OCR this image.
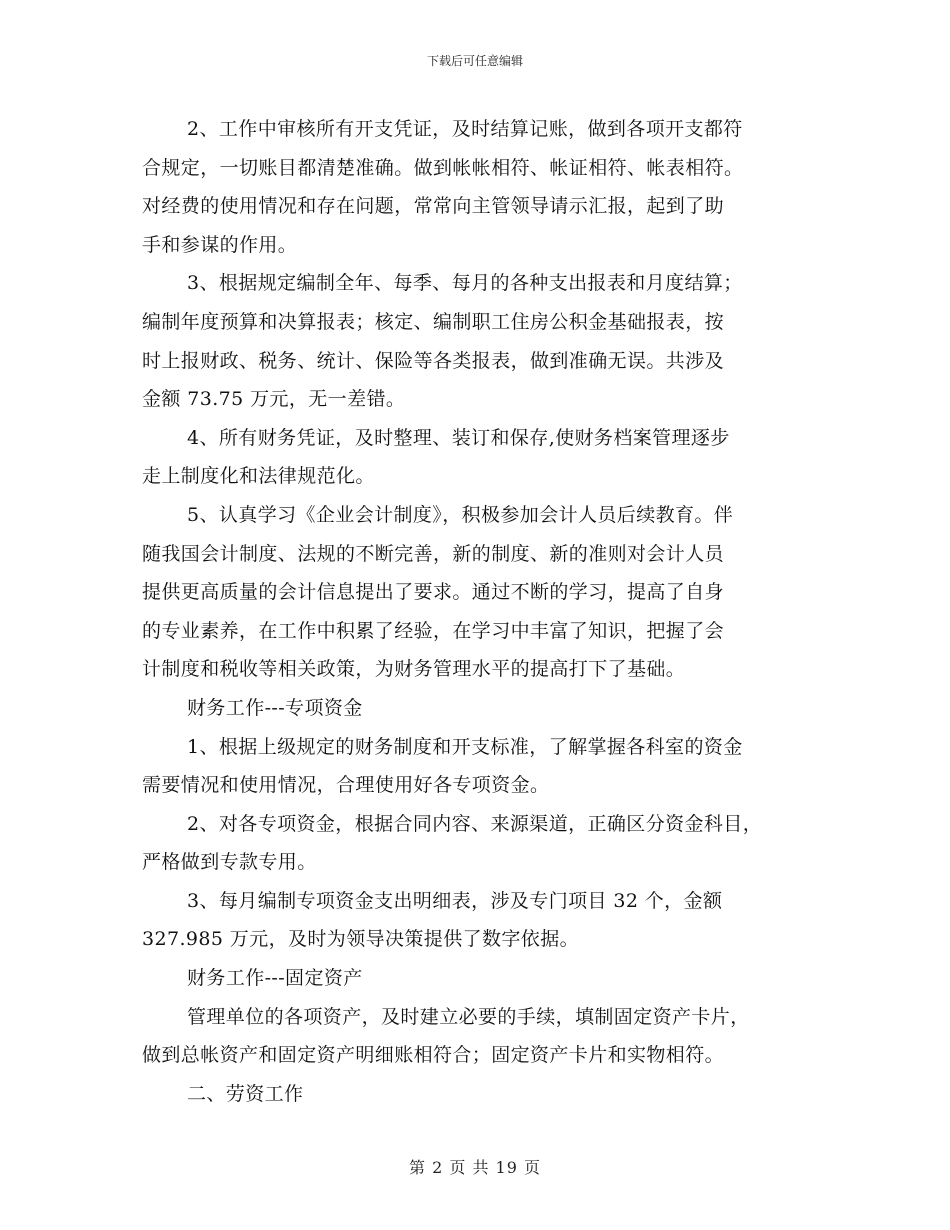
下载后可任意编辑
2、工作中审核所有开支凭证，及时结算记账，做到各项开支都符
合规定，一切账目都清楚准确。做到帐帐相符、帐证相符、帐表相符。
对经费的使用情况和存在问题，常常向主管领导请示汇报，起到了助
手和参谋的作用。
3、根据规定编制全年、每季、每月的各种支出报表和月度结算；
编制年度预算和决算报表；核定、编制职工住房公积金基础报表，按
时上报财政、税务、统计、保险等各类报表，做到准确无误。共涉及
金额 73.75 万元，无一差错。
4、所有财务凭证，及时整理、装订和保存,使财务档案管理逐步
走上制度化和法律规范化。
5、认真学习《企业会计制度》，积极参加会计人员后续教育。伴
随我国会计制度、法规的不断完善，新的制度、新的准则对会计人员
提供更高质量的会计信息提出了要求。通过不断的学习，提高了自身
的专业素养，在工作中积累了经验，在学习中丰富了知识，把握了会
计制度和税收等相关政策，为财务管理水平的提高打下了基础。
财务工作---专项资金
1、根据上级规定的财务制度和开支标准，了解掌握各科室的资金
需要情况和使用情况，合理使用好各专项资金。
2、对各专项资金，根据合同内容、来源渠道，正确区分资金科目，
严格做到专款专用。
3、每月编制专项资金支出明细表，涉及专门项目 32 个，金额
327.985 万元，及时为领导决策提供了数字依据。
财务工作---固定资产
管理单位的各项资产，及时建立必要的手续，填制固定资产卡片，
做到总帐资产和固定资产明细账相符合；固定资产卡片和实物相符。
二、劳资工作
第 2 页 共 19 页
